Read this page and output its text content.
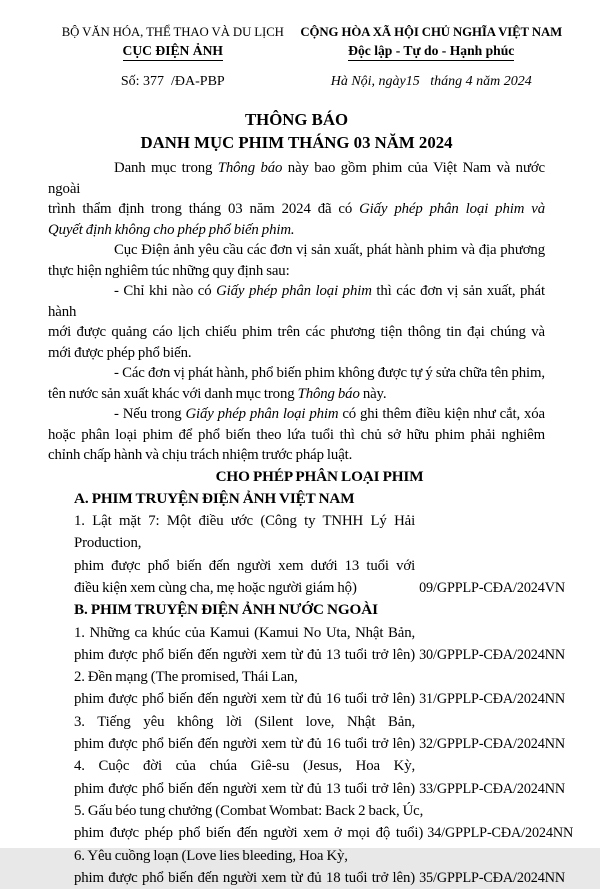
BỘ VĂN HÓA, THỂ THAO VÀ DU LỊCH
CỤC ĐIỆN ẢNH
Số: 377  /ĐA-PBP
CỘNG HÒA XÃ HỘI CHỦ NGHĨA VIỆT NAM
Độc lập - Tự do - Hạnh phúc
Hà Nội, ngày15   tháng 4 năm 2024
THÔNG BÁO
DANH MỤC PHIM THÁNG 03 NĂM 2024
Danh mục trong Thông báo này bao gồm phim của Việt Nam và nước ngoài
trình thẩm định trong tháng 03 năm 2024 đã có Giấy phép phân loại phim và
Quyết định không cho phép phổ biến phim.
Cục Điện ảnh yêu cầu các đơn vị sản xuất, phát hành phim và địa phương
thực hiện nghiêm túc những quy định sau:
- Chỉ khi nào có Giấy phép phân loại phim thì các đơn vị sản xuất, phát hành
mới được quảng cáo lịch chiếu phim trên các phương tiện thông tin đại chúng và
mới được phép phổ biến.
- Các đơn vị phát hành, phổ biến phim không được tự ý sửa chữa tên phim,
tên nước sản xuất khác với danh mục trong Thông báo này.
- Nếu trong Giấy phép phân loại phim có ghi thêm điều kiện như cắt, xóa
hoặc phân loại phim để phổ biến theo lứa tuổi thì chủ sở hữu phim phải nghiêm
chỉnh chấp hành và chịu trách nhiệm trước pháp luật.
CHO PHÉP PHÂN LOẠI PHIM
A. PHIM TRUYỆN ĐIỆN ẢNH VIỆT NAM
1. Lật mặt 7: Một điều ước (Công ty TNHH Lý Hải
Production,
phim được phổ biến đến người xem dưới 13 tuổi với
điều kiện xem cùng cha, mẹ hoặc người giám hộ)	09/GPPLP-CĐA/2024VN
B. PHIM TRUYỆN ĐIỆN ẢNH NƯỚC NGOÀI
1. Những ca khúc của Kamui (Kamui No Uta, Nhật Bản,
phim được phổ biến đến người xem từ đủ 13 tuổi trở lên) 30/GPPLP-CĐA/2024NN
2. Đền mạng (The promised, Thái Lan,
phim được phổ biến đến người xem từ đủ 16 tuổi trở lên) 31/GPPLP-CĐA/2024NN
3. Tiếng yêu không lời (Silent love, Nhật Bản,
phim được phổ biến đến người xem từ đủ 16 tuổi trở lên) 32/GPPLP-CĐA/2024NN
4. Cuộc đời của chúa Giê-su (Jesus, Hoa Kỳ,
phim được phổ biến đến người xem từ đủ 13 tuổi trở lên) 33/GPPLP-CĐA/2024NN
5. Gấu béo tung chưởng (Combat Wombat: Back 2 back, Úc,
phim được phép phổ biến đến người xem ở mọi độ tuổi) 34/GPPLP-CĐA/2024NN
6. Yêu cuồng loạn (Love lies bleeding, Hoa Kỳ,
phim được phổ biến đến người xem từ đủ 18 tuổi trở lên) 35/GPPLP-CĐA/2024NN
